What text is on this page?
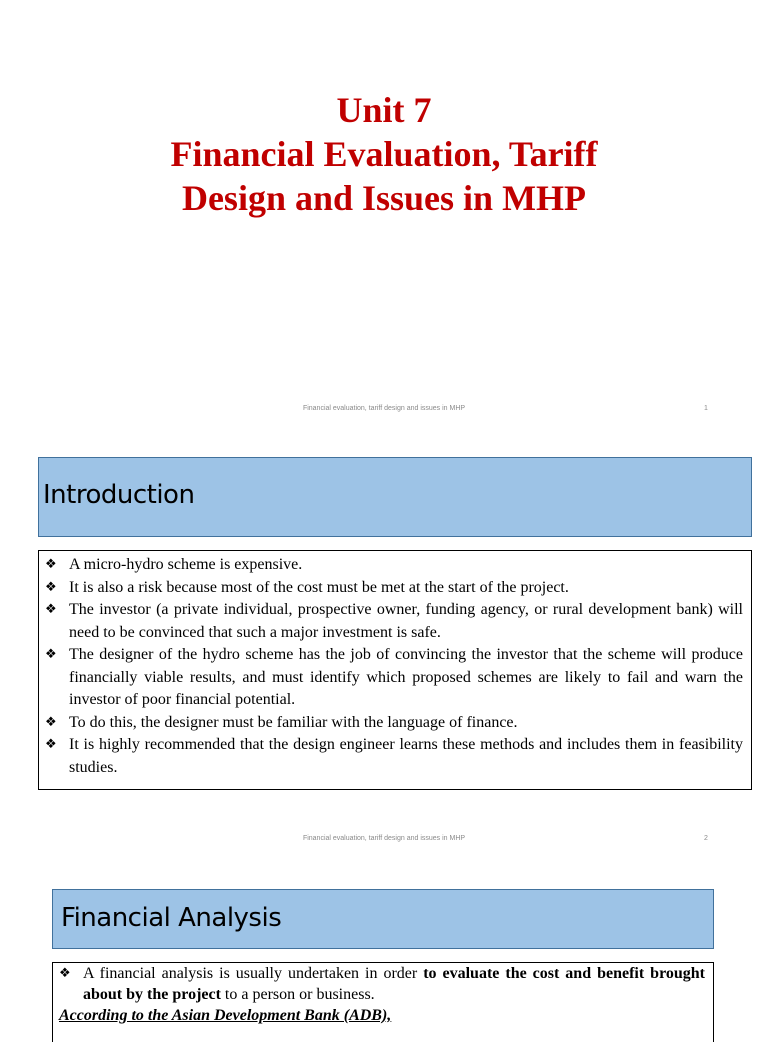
Unit 7
Financial Evaluation, Tariff
Design and Issues in MHP
Financial evaluation, tariff design and issues in MHP	1
Introduction
❖ A micro-hydro scheme is expensive.
❖ It is also a risk because most of the cost must be met at the start of the project.
❖ The investor (a private individual, prospective owner, funding agency, or rural development bank) will need to be convinced that such a major investment is safe.
❖ The designer of the hydro scheme has the job of convincing the investor that the scheme will produce financially viable results, and must identify which proposed schemes are likely to fail and warn the investor of poor financial potential.
❖ To do this, the designer must be familiar with the language of finance.
❖ It is highly recommended that the design engineer learns these methods and includes them in feasibility studies.
Financial evaluation, tariff design and issues in MHP	2
Financial Analysis
❖ A financial analysis is usually undertaken in order to evaluate the cost and benefit brought about by the project to a person or business.
According to the Asian Development Bank (ADB),
